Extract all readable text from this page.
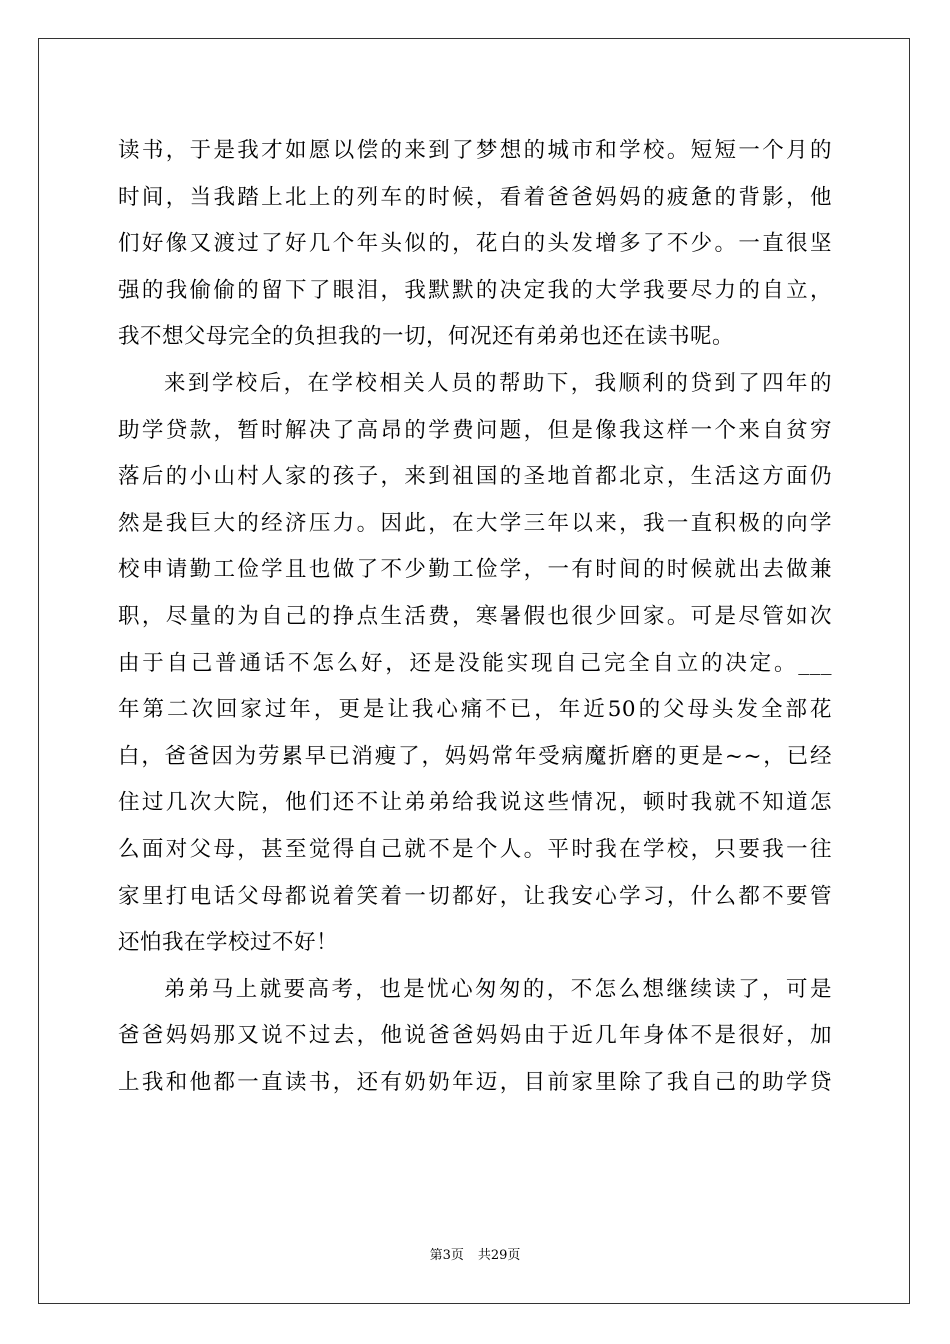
读书，于是我才如愿以偿的来到了梦想的城市和学校。短短一个月的
时间，当我踏上北上的列车的时候，看着爸爸妈妈的疲惫的背影，他
们好像又渡过了好几个年头似的，花白的头发增多了不少。一直很坚
强的我偷偷的留下了眼泪，我默默的决定我的大学我要尽力的自立，
我不想父母完全的负担我的一切，何况还有弟弟也还在读书呢。
来到学校后，在学校相关人员的帮助下，我顺利的贷到了四年的
助学贷款，暂时解决了高昂的学费问题，但是像我这样一个来自贫穷
落后的小山村人家的孩子，来到祖国的圣地首都北京，生活这方面仍
然是我巨大的经济压力。因此，在大学三年以来，我一直积极的向学
校申请勤工俭学且也做了不少勤工俭学，一有时间的时候就出去做兼
职，尽量的为自己的挣点生活费，寒暑假也很少回家。可是尽管如次
由于自己普通话不怎么好，还是没能实现自己完全自立的决定。___
年第二次回家过年，更是让我心痛不已，年近50的父母头发全部花
白，爸爸因为劳累早已消瘦了，妈妈常年受病魔折磨的更是~~，已经
住过几次大院，他们还不让弟弟给我说这些情况，顿时我就不知道怎
么面对父母，甚至觉得自己就不是个人。平时我在学校，只要我一往
家里打电话父母都说着笑着一切都好，让我安心学习，什么都不要管
还怕我在学校过不好！
弟弟马上就要高考，也是忧心匆匆的，不怎么想继续读了，可是
爸爸妈妈那又说不过去，他说爸爸妈妈由于近几年身体不是很好，加
上我和他都一直读书，还有奶奶年迈，目前家里除了我自己的助学贷
第3页 共29页
